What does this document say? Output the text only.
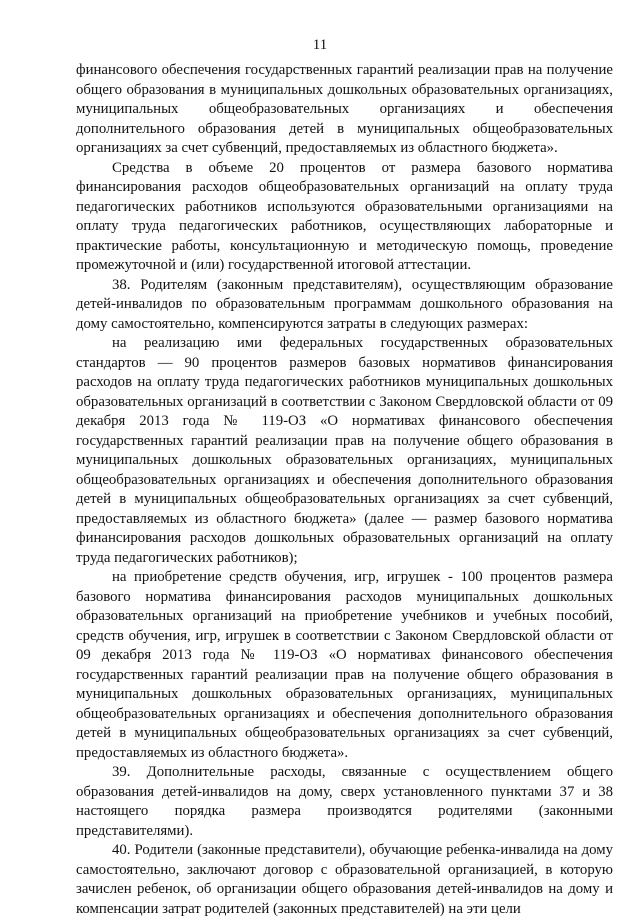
11

финансового обеспечения государственных гарантий реализации прав на получение общего образования в муниципальных дошкольных образовательных организациях, муниципальных общеобразовательных организациях и обеспечения дополнительного образования детей в муниципальных общеобразовательных организациях за счет субвенций, предоставляемых из областного бюджета».

Средства в объеме 20 процентов от размера базового норматива финансирования расходов общеобразовательных организаций на оплату труда педагогических работников используются образовательными организациями на оплату труда педагогических работников, осуществляющих лабораторные и практические работы, консультационную и методическую помощь, проведение промежуточной и (или) государственной итоговой аттестации.

38. Родителям (законным представителям), осуществляющим образование детей-инвалидов по образовательным программам дошкольного образования на дому самостоятельно, компенсируются затраты в следующих размерах:

на реализацию ими федеральных государственных образовательных стандартов — 90 процентов размеров базовых нормативов финансирования расходов на оплату труда педагогических работников муниципальных дошкольных образовательных организаций в соответствии с Законом Свердловской области от 09 декабря 2013 года № 119-ОЗ «О нормативах финансового обеспечения государственных гарантий реализации прав на получение общего образования в муниципальных дошкольных образовательных организациях, муниципальных общеобразовательных организациях и обеспечения дополнительного образования детей в муниципальных общеобразовательных организациях за счет субвенций, предоставляемых из областного бюджета» (далее — размер базового норматива финансирования расходов дошкольных образовательных организаций на оплату труда педагогических работников);

на приобретение средств обучения, игр, игрушек - 100 процентов размера базового норматива финансирования расходов муниципальных дошкольных образовательных организаций на приобретение учебников и учебных пособий, средств обучения, игр, игрушек в соответствии с Законом Свердловской области от 09 декабря 2013 года № 119-ОЗ «О нормативах финансового обеспечения государственных гарантий реализации прав на получение общего образования в муниципальных дошкольных образовательных организациях, муниципальных общеобразовательных организациях и обеспечения дополнительного образования детей в муниципальных общеобразовательных организациях за счет субвенций, предоставляемых из областного бюджета».

39. Дополнительные расходы, связанные с осуществлением общего образования детей-инвалидов на дому, сверх установленного пунктами 37 и 38 настоящего порядка размера производятся родителями (законными представителями).

40. Родители (законные представители), обучающие ребенка-инвалида на дому самостоятельно, заключают договор с образовательной организацией, в которую зачислен ребенок, об организации общего образования детей-инвалидов на дому и компенсации затрат родителей (законных представителей) на эти цели
